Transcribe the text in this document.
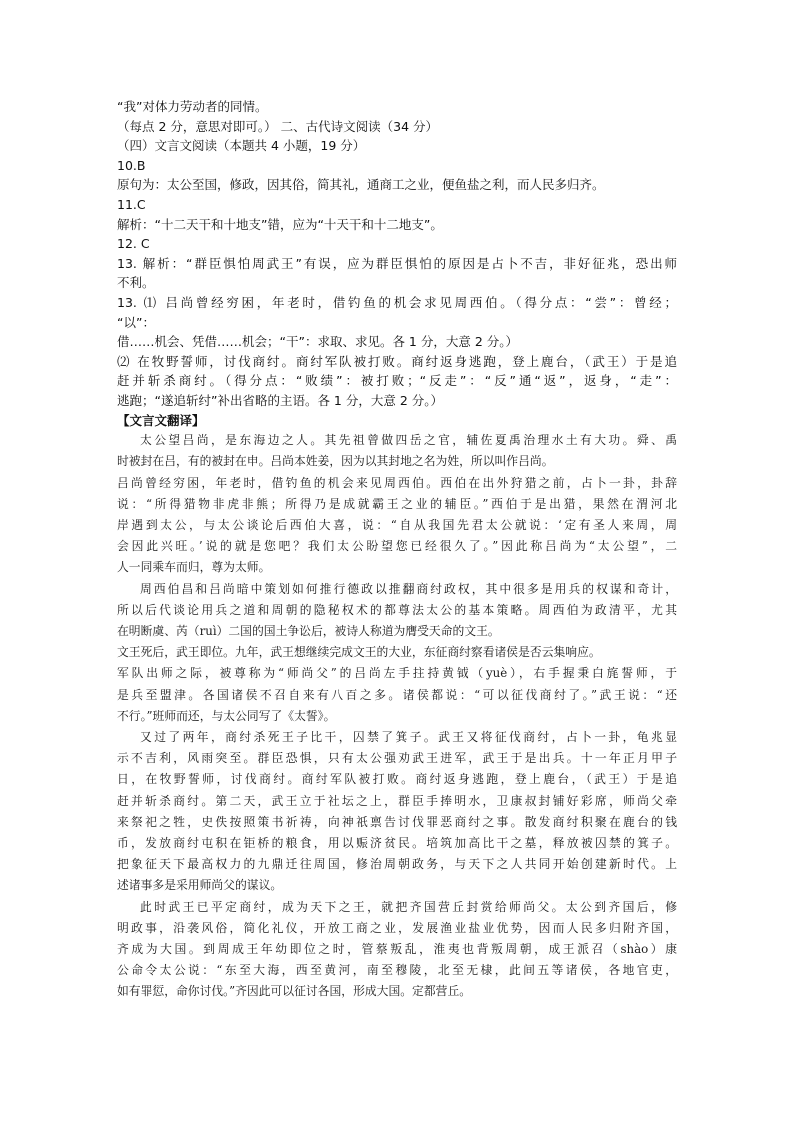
“我”对体力劳动者的同情。

（每点 2 分，意思对即可。） 二、古代诗文阅读（34 分）

（四）文言文阅读（本题共 4 小题，19 分）

10.B

原句为：太公至国，修政，因其俗，简其礼，通商工之业，便鱼盐之利，而人民多归齐。

11.C

解析：“十二天干和十地支”错，应为“十天干和十二地支”。

12. C

13. 解析：“群臣惧怕周武王”有误，应为群臣惧怕的原因是占卜不吉，非好征兆，恐出师

不利。

13. ⑴ 吕尚曾经穷困，年老时，借钓鱼的机会求见周西伯。（得分点：“尝”：曾经；

“以”：

借……机会、凭借……机会；“干”：求取、求见。各 1 分，大意 2 分。）

⑵ 在牧野誓师，讨伐商纣。商纣军队被打败。商纣返身逃跑，登上鹿台，（武王）于是追

赶并斩杀商纣。（得分点：“败绩”：被打败；“反走”：“反”通“返”，返身，“走”：

逃跑；“遂追斩纣”补出省略的主语。各 1 分，大意 2 分。）

【文言文翻译】

太公望吕尚，是东海边之人。其先祖曾做四岳之官，辅佐夏禹治理水土有大功。舜、禹

时被封在吕，有的被封在申。吕尚本姓姜，因为以其封地之名为姓，所以叫作吕尚。

吕尚曾经穷困，年老时，借钓鱼的机会来见周西伯。西伯在出外狩猎之前，占卜一卦，卦辞

说：“所得猎物非虎非熊；所得乃是成就霸王之业的辅臣。”西伯于是出猎，果然在渭河北

岸遇到太公，与太公谈论后西伯大喜，说：“自从我国先君太公就说：‘定有圣人来周，周

会因此兴旺。’说的就是您吧？我们太公盼望您已经很久了。”因此称吕尚为“太公望”，二

人一同乘车而归，尊为太师。

周西伯昌和吕尚暗中策划如何推行德政以推翻商纣政权，其中很多是用兵的权谋和奇计，

所以后代谈论用兵之道和周朝的隐秘权术的都尊法太公的基本策略。周西伯为政清平，尤其

在明断虞、芮（ruì）二国的国土争讼后，被诗人称道为膺受天命的文王。

文王死后，武王即位。九年，武王想继续完成文王的大业，东征商纣察看诸侯是否云集响应。

军队出师之际，被尊称为“师尚父”的吕尚左手拄持黄钺（yuè），右手握秉白旄誓师，于

是兵至盟津。各国诸侯不召自来有八百之多。诸侯都说：“可以征伐商纣了。”武王说：“还

不行。”班师而还，与太公同写了《太誓》。

又过了两年，商纣杀死王子比干，囚禁了箕子。武王又将征伐商纣，占卜一卦，龟兆显

示不吉利，风雨突至。群臣恐惧，只有太公强劝武王进军，武王于是出兵。十一年正月甲子

日，在牧野誓师，讨伐商纣。商纣军队被打败。商纣返身逃跑，登上鹿台，（武王）于是追

赶并斩杀商纣。第二天，武王立于社坛之上，群臣手捧明水，卫康叔封铺好彩席，师尚父牵

来祭祀之牲，史佚按照策书祈祷，向神祇禀告讨伐罪恶商纣之事。散发商纣积聚在鹿台的钱

币，发放商纣屯积在钜桥的粮食，用以赈济贫民。培筑加高比干之墓，释放被囚禁的箕子。

把象征天下最高权力的九鼎迁往周国，修治周朝政务，与天下之人共同开始创建新时代。上

述诸事多是采用师尚父的谋议。

此时武王已平定商纣，成为天下之王，就把齐国营丘封赏给师尚父。太公到齐国后，修

明政事，沿袭风俗，简化礼仪，开放工商之业，发展渔业盐业优势，因而人民多归附齐国，

齐成为大国。到周成王年幼即位之时，管蔡叛乱，淮夷也背叛周朝，成王派召（shào）康

公命令太公说：“东至大海，西至黄河，南至穆陵，北至无棣，此间五等诸侯，各地官吏，

如有罪愆，命你讨伐。”齐因此可以征讨各国，形成大国。定都营丘。
